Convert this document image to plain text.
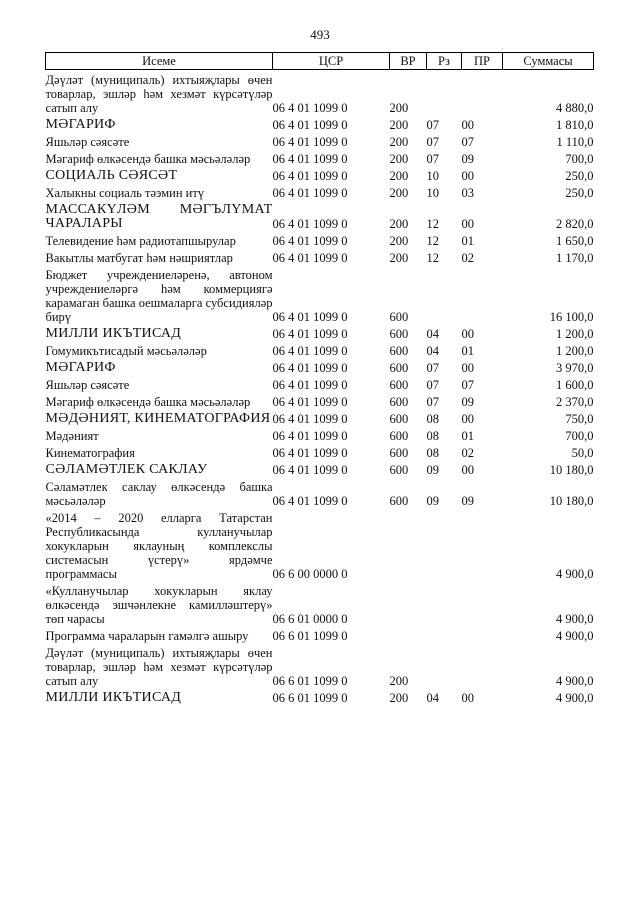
493
Исеме	ЦСР	ВР	Рз	ПР	Суммасы
Дәүләт (муниципаль) ихтыяҗлары өчен товарлар, эшләр һәм хезмәт күрсәтүләр сатып алу	06 4 01 1099 0	200			4 880,0
МӘГАРИФ	06 4 01 1099 0	200	07	00	1 810,0
Яшьләр сәясәте	06 4 01 1099 0	200	07	07	1 110,0
Мәгариф өлкәсендә башка мәсьәләләр	06 4 01 1099 0	200	07	09	700,0
СОЦИАЛЬ СӘЯСӘТ	06 4 01 1099 0	200	10	00	250,0
Халыкны социаль тәэмин итү	06 4 01 1099 0	200	10	03	250,0
МАССАКҮЛӘМ МӘГЪЛҮМАТ ЧАРАЛАРЫ	06 4 01 1099 0	200	12	00	2 820,0
Телевидение һәм радиотапшырулар	06 4 01 1099 0	200	12	01	1 650,0
Вакытлы матбугат һәм нәшриятлар	06 4 01 1099 0	200	12	02	1 170,0
Бюджет учреждениеләренә, автоном учреждениеләргә һәм коммерциягә карамаган башка оешмаларга субсидияләр бирү	06 4 01 1099 0	600			16 100,0
МИЛЛИ ИКЪТИСАД	06 4 01 1099 0	600	04	00	1 200,0
Гомумикътисадый мәсьәләләр	06 4 01 1099 0	600	04	01	1 200,0
МӘГАРИФ	06 4 01 1099 0	600	07	00	3 970,0
Яшьләр сәясәте	06 4 01 1099 0	600	07	07	1 600,0
Мәгариф өлкәсендә башка мәсьәләләр	06 4 01 1099 0	600	07	09	2 370,0
МӘДӘНИЯТ, КИНЕМАТОГРАФИЯ	06 4 01 1099 0	600	08	00	750,0
Мәдәният	06 4 01 1099 0	600	08	01	700,0
Кинематография	06 4 01 1099 0	600	08	02	50,0
СӘЛАМӘТЛЕК САКЛАУ	06 4 01 1099 0	600	09	00	10 180,0
Сәламәтлек саклау өлкәсендә башка мәсьәләләр	06 4 01 1099 0	600	09	09	10 180,0
«2014 – 2020 елларга Татарстан Республикасында кулланучылар хокукларын яклауның комплекслы системасын үстерү» ярдәмче программасы	06 6 00 0000 0				4 900,0
«Кулланучылар хокукларын яклау өлкәсендә эшчәнлекне камилләштерү» төп чарасы	06 6 01 0000 0				4 900,0
Программа чараларын гамәлгә ашыру	06 6 01 1099 0				4 900,0
Дәүләт (муниципаль) ихтыяҗлары өчен товарлар, эшләр һәм хезмәт күрсәтүләр сатып алу	06 6 01 1099 0	200			4 900,0
МИЛЛИ ИКЪТИСАД	06 6 01 1099 0	200	04	00	4 900,0
